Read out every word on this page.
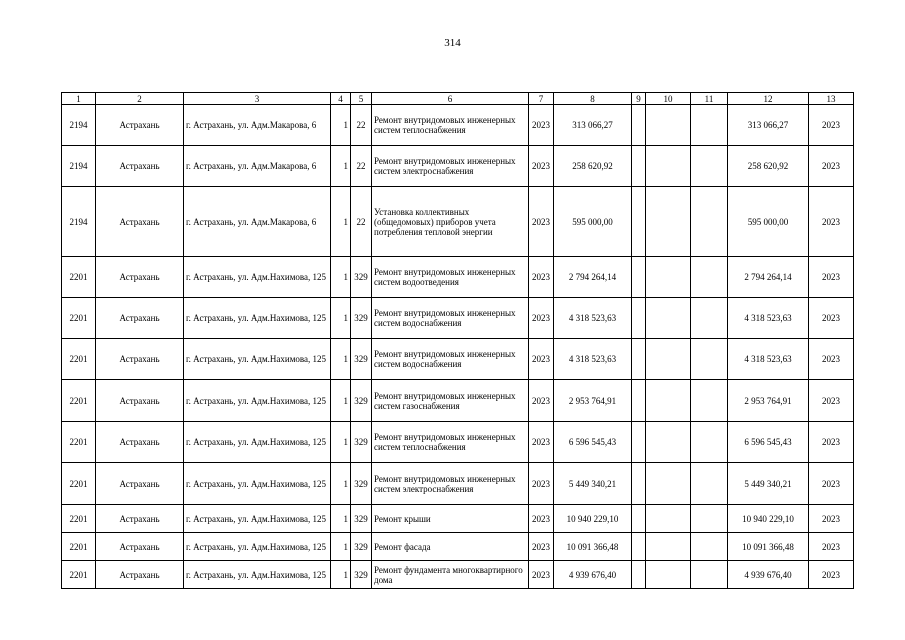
314
1	2	3	4	5	6	7	8	9	10	11	12	13
2194	Астрахань	г. Астрахань, ул. Адм.Макарова, 6	1	22	Ремонт внутридомовых инженерных систем теплоснабжения	2023	313 066,27				313 066,27	2023
2194	Астрахань	г. Астрахань, ул. Адм.Макарова, 6	1	22	Ремонт внутридомовых инженерных систем электроснабжения	2023	258 620,92				258 620,92	2023
2194	Астрахань	г. Астрахань, ул. Адм.Макарова, 6	1	22	Установка коллективных (общедомовых) приборов учета потребления тепловой энергии	2023	595 000,00				595 000,00	2023
2201	Астрахань	г. Астрахань, ул. Адм.Нахимова, 125	1	329	Ремонт внутридомовых инженерных систем водоотведения	2023	2 794 264,14				2 794 264,14	2023
2201	Астрахань	г. Астрахань, ул. Адм.Нахимова, 125	1	329	Ремонт внутридомовых инженерных систем водоснабжения	2023	4 318 523,63				4 318 523,63	2023
2201	Астрахань	г. Астрахань, ул. Адм.Нахимова, 125	1	329	Ремонт внутридомовых инженерных систем водоснабжения	2023	4 318 523,63				4 318 523,63	2023
2201	Астрахань	г. Астрахань, ул. Адм.Нахимова, 125	1	329	Ремонт внутридомовых инженерных систем газоснабжения	2023	2 953 764,91				2 953 764,91	2023
2201	Астрахань	г. Астрахань, ул. Адм.Нахимова, 125	1	329	Ремонт внутридомовых инженерных систем теплоснабжения	2023	6 596 545,43				6 596 545,43	2023
2201	Астрахань	г. Астрахань, ул. Адм.Нахимова, 125	1	329	Ремонт внутридомовых инженерных систем электроснабжения	2023	5 449 340,21				5 449 340,21	2023
2201	Астрахань	г. Астрахань, ул. Адм.Нахимова, 125	1	329	Ремонт крыши	2023	10 940 229,10				10 940 229,10	2023
2201	Астрахань	г. Астрахань, ул. Адм.Нахимова, 125	1	329	Ремонт фасада	2023	10 091 366,48				10 091 366,48	2023
2201	Астрахань	г. Астрахань, ул. Адм.Нахимова, 125	1	329	Ремонт фундамента многоквартирного дома	2023	4 939 676,40				4 939 676,40	2023
